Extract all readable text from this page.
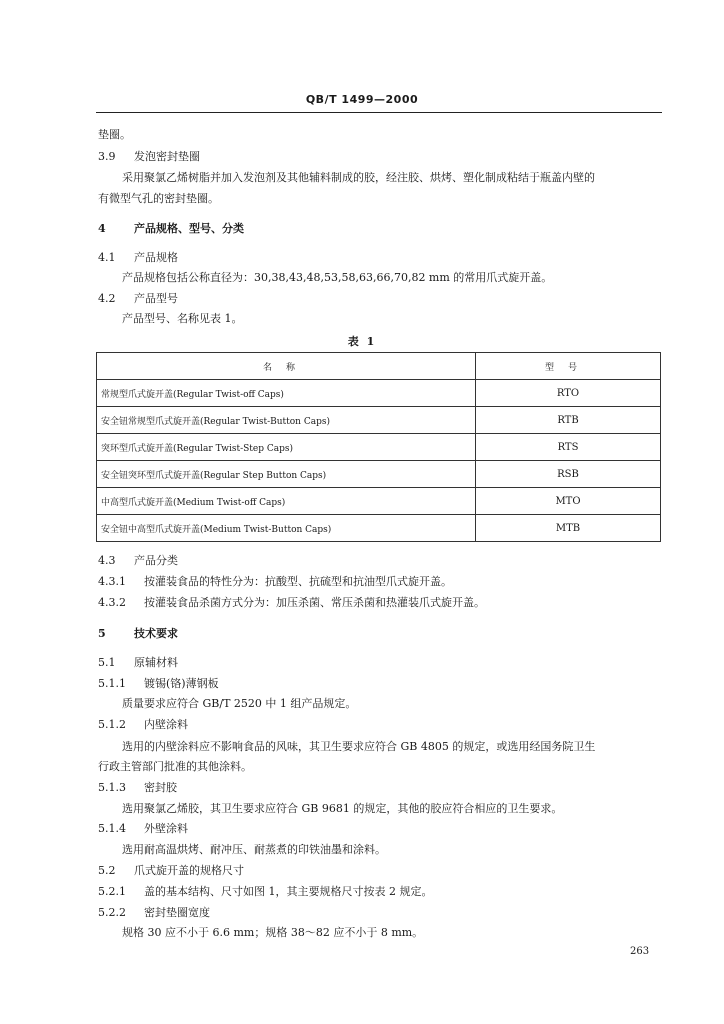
QB/T 1499—2000
垫圈。
3.9 发泡密封垫圈
采用聚氯乙烯树脂并加入发泡剂及其他辅料制成的胶，经注胶、烘烤、塑化制成粘结于瓶盖内壁的
有微型气孔的密封垫圈。
4	产品规格、型号、分类
4.1 产品规格
产品规格包括公称直径为：30,38,43,48,53,58,63,66,70,82 mm 的常用爪式旋开盖。
4.2 产品型号
产品型号、名称见表 1。
表 1
名称	型号
常规型爪式旋开盖(Regular Twist-off Caps)	RTO
安全钮常规型爪式旋开盖(Regular Twist-Button Caps)	RTB
突环型爪式旋开盖(Regular Twist-Step Caps)	RTS
安全钮突环型爪式旋开盖(Regular Step Button Caps)	RSB
中高型爪式旋开盖(Medium Twist-off Caps)	MTO
安全钮中高型爪式旋开盖(Medium Twist-Button Caps)	MTB
4.3 产品分类
4.3.1 按灌装食品的特性分为：抗酸型、抗硫型和抗油型爪式旋开盖。
4.3.2 按灌装食品杀菌方式分为：加压杀菌、常压杀菌和热灌装爪式旋开盖。
5	技术要求
5.1 原辅材料
5.1.1 镀锡(铬)薄钢板
质量要求应符合 GB/T 2520 中 1 组产品规定。
5.1.2 内壁涂料
选用的内壁涂料应不影响食品的风味，其卫生要求应符合 GB 4805 的规定，或选用经国务院卫生
行政主管部门批准的其他涂料。
5.1.3 密封胶
选用聚氯乙烯胶，其卫生要求应符合 GB 9681 的规定，其他的胶应符合相应的卫生要求。
5.1.4 外壁涂料
选用耐高温烘烤、耐冲压、耐蒸煮的印铁油墨和涂料。
5.2 爪式旋开盖的规格尺寸
5.2.1 盖的基本结构、尺寸如图 1，其主要规格尺寸按表 2 规定。
5.2.2 密封垫圈宽度
规格 30 应不小于 6.6 mm；规格 38～82 应不小于 8 mm。
263
